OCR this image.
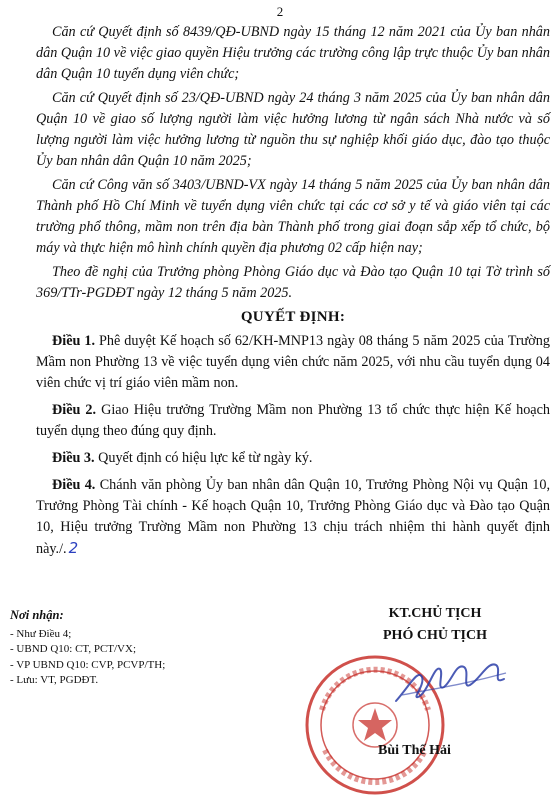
2

Căn cứ Quyết định số 8439/QĐ-UBND ngày 15 tháng 12 năm 2021 của Ủy ban nhân dân Quận 10 về việc giao quyền Hiệu trưởng các trường công lập trực thuộc Ủy ban nhân dân Quận 10 tuyển dụng viên chức;

Căn cứ Quyết định số 23/QĐ-UBND ngày 24 tháng 3 năm 2025 của Ủy ban nhân dân Quận 10 về giao số lượng người làm việc hưởng lương từ ngân sách Nhà nước và số lượng người làm việc hưởng lương từ nguồn thu sự nghiệp khối giáo dục, đào tạo thuộc Ủy ban nhân dân Quận 10 năm 2025;

Căn cứ Công văn số 3403/UBND-VX ngày 14 tháng 5 năm 2025 của Ủy ban nhân dân Thành phố Hồ Chí Minh về tuyển dụng viên chức tại các cơ sở y tế và giáo viên tại các trường phổ thông, mầm non trên địa bàn Thành phố trong giai đoạn sắp xếp tổ chức, bộ máy và thực hiện mô hình chính quyền địa phương 02 cấp hiện nay;

Theo đề nghị của Trưởng phòng Phòng Giáo dục và Đào tạo Quận 10 tại Tờ trình số 369/TTr-PGDĐT ngày 12 tháng 5 năm 2025.

QUYẾT ĐỊNH:

Điều 1. Phê duyệt Kế hoạch số 62/KH-MNP13 ngày 08 tháng 5 năm 2025 của Trường Mầm non Phường 13 về việc tuyển dụng viên chức năm 2025, với nhu cầu tuyển dụng 04 viên chức vị trí giáo viên mầm non.

Điều 2. Giao Hiệu trưởng Trường Mầm non Phường 13 tổ chức thực hiện Kế hoạch tuyển dụng theo đúng quy định.

Điều 3. Quyết định có hiệu lực kể từ ngày ký.

Điều 4. Chánh văn phòng Ủy ban nhân dân Quận 10, Trưởng Phòng Nội vụ Quận 10, Trưởng Phòng Tài chính - Kế hoạch Quận 10, Trưởng Phòng Giáo dục và Đào tạo Quận 10, Hiệu trưởng Trường Mầm non Phường 13 chịu trách nhiệm thi hành quyết định này./. 2

Nơi nhận:
- Như Điều 4;
- UBND Q10: CT, PCT/VX;
- VP UBND Q10: CVP, PCVP/TH;
- Lưu: VT, PGDĐT.
KT.CHỦ TỊCH
PHÓ CHỦ TỊCH
Bùi Thế Hải
